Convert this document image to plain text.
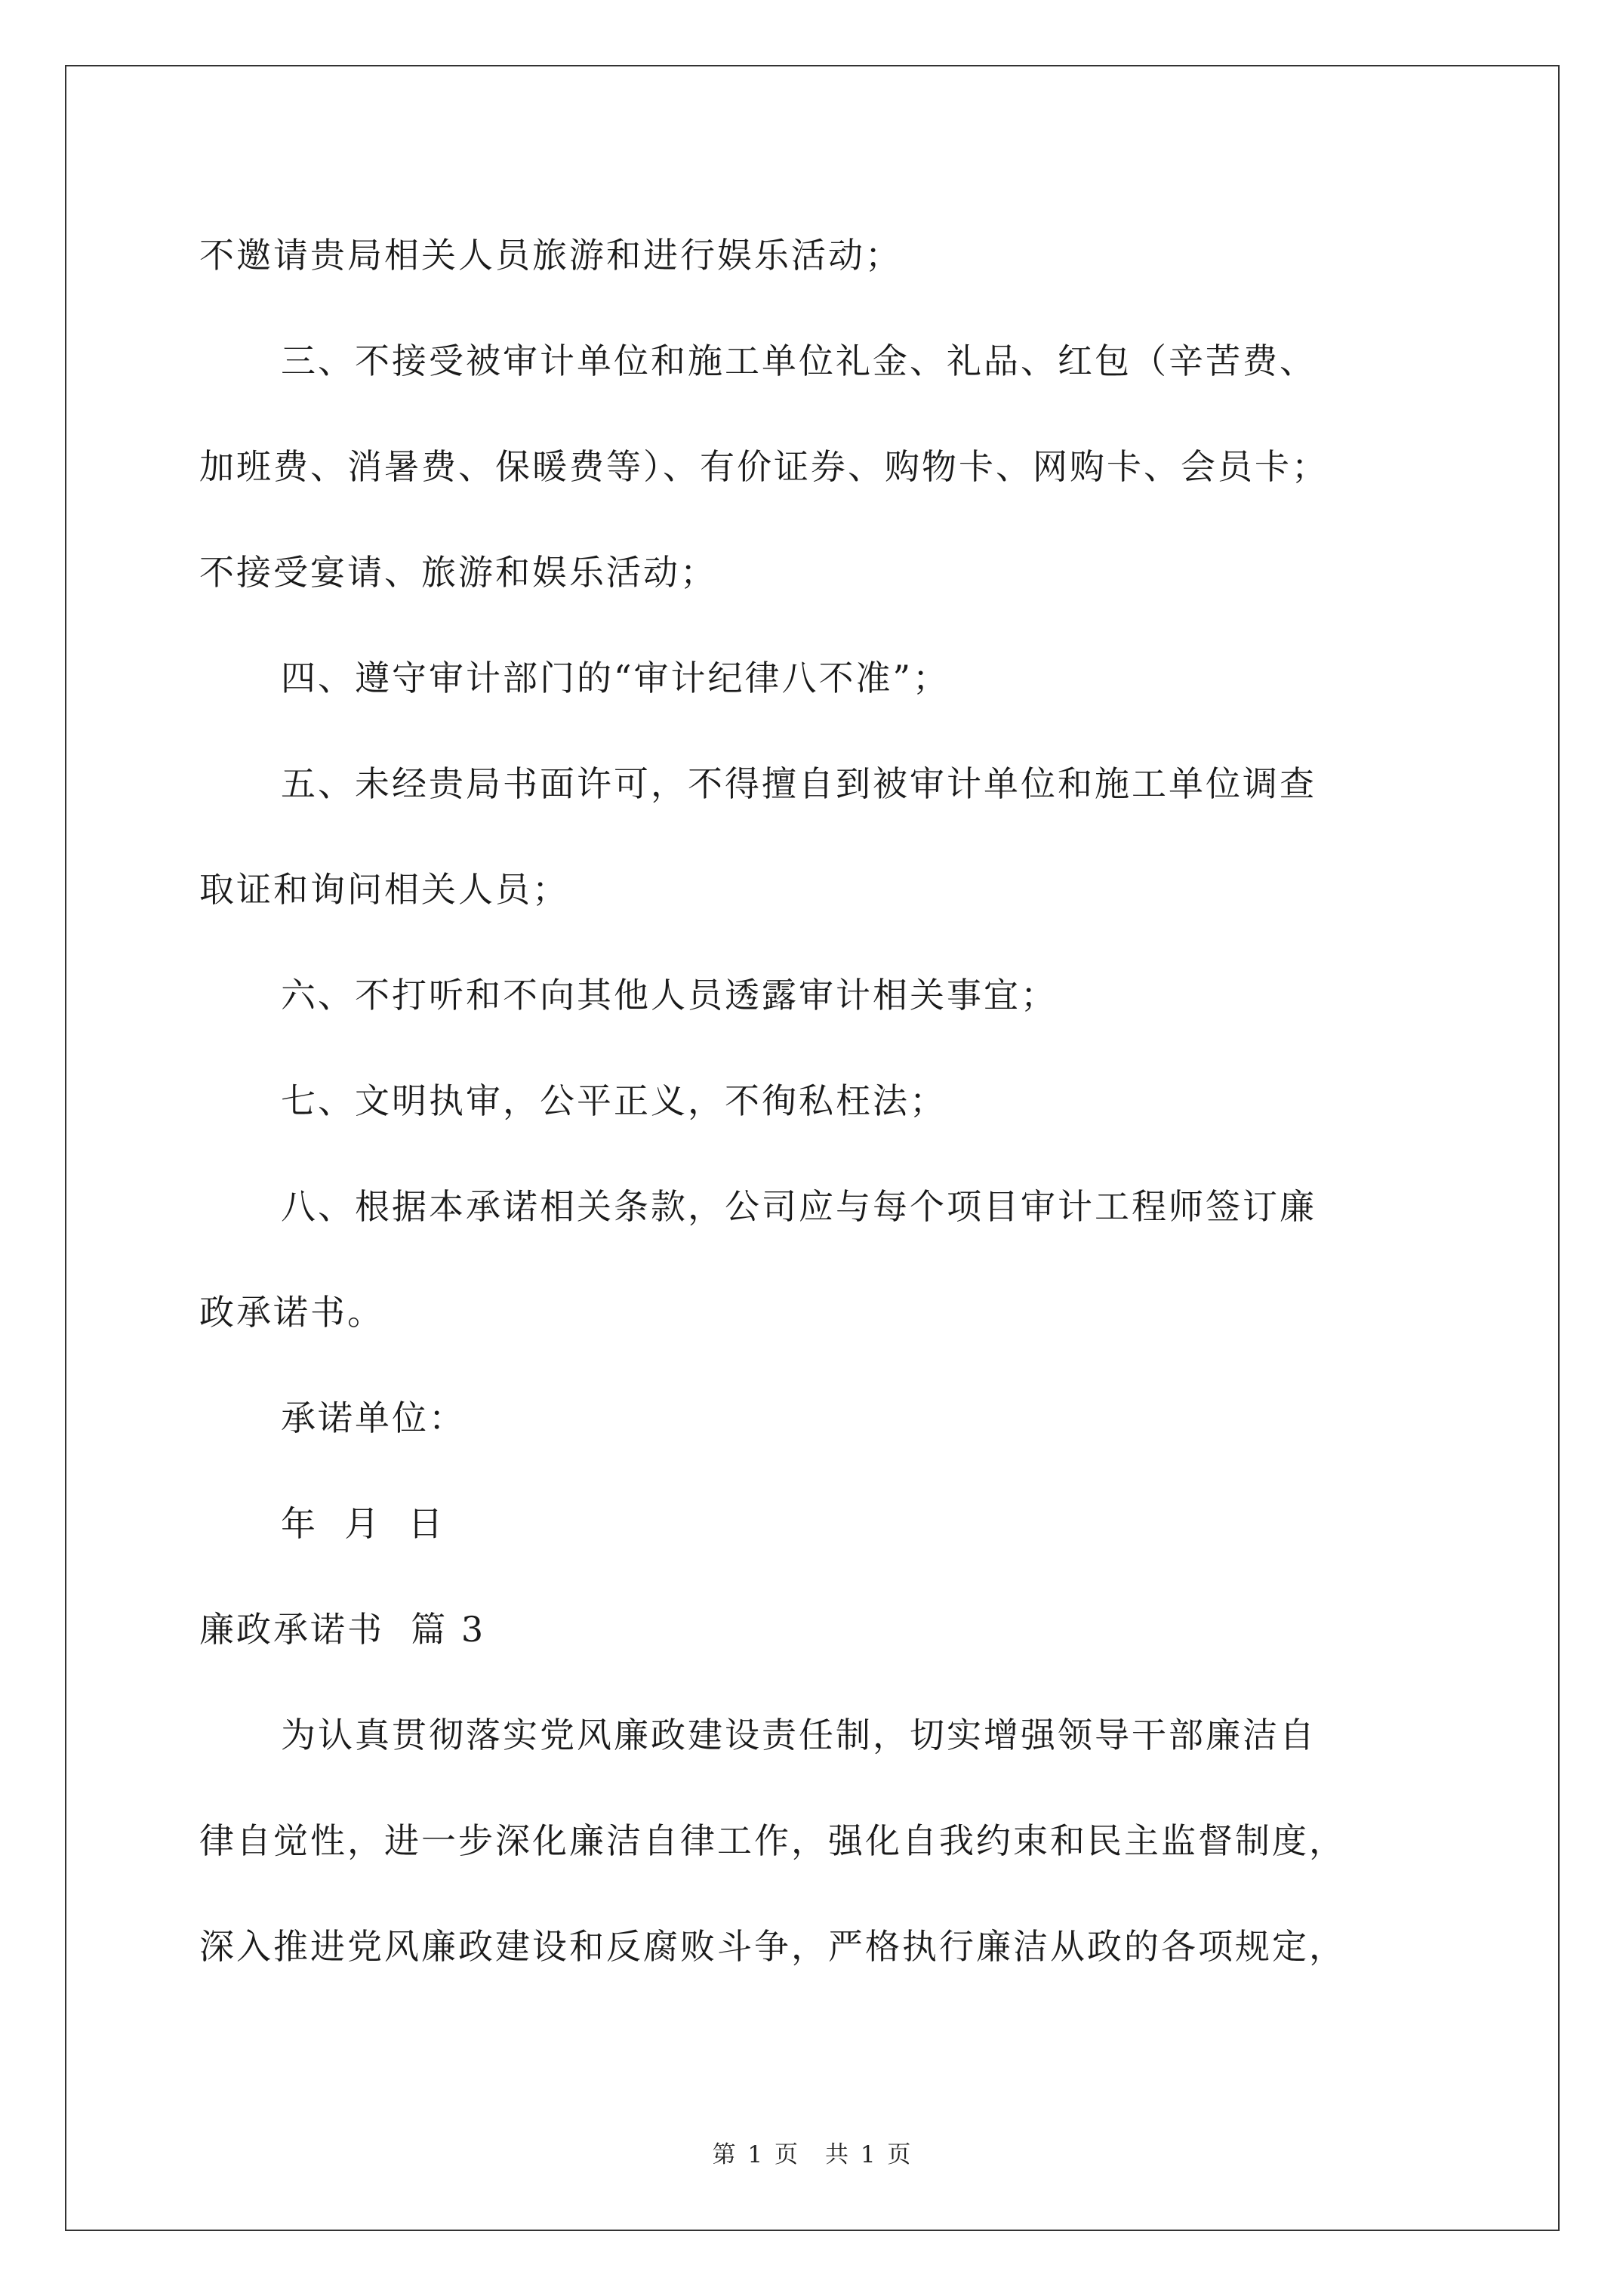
不邀请贵局相关人员旅游和进行娱乐活动；
三、不接受被审计单位和施工单位礼金、礼品、红包（辛苦费、
加班费、消暑费、保暖费等）、有价证券、购物卡、网购卡、会员卡；
不接受宴请、旅游和娱乐活动；
四、遵守审计部门的“审计纪律八不准”；
五、未经贵局书面许可，不得擅自到被审计单位和施工单位调查
取证和询问相关人员；
六、不打听和不向其他人员透露审计相关事宜；
七、文明执审，公平正义，不徇私枉法；
八、根据本承诺相关条款，公司应与每个项目审计工程师签订廉
政承诺书。
承诺单位：
年  月  日
廉政承诺书  篇 3
为认真贯彻落实党风廉政建设责任制，切实增强领导干部廉洁自
律自觉性，进一步深化廉洁自律工作，强化自我约束和民主监督制度，
深入推进党风廉政建设和反腐败斗争，严格执行廉洁从政的各项规定，
第 1 页 共 1 页
